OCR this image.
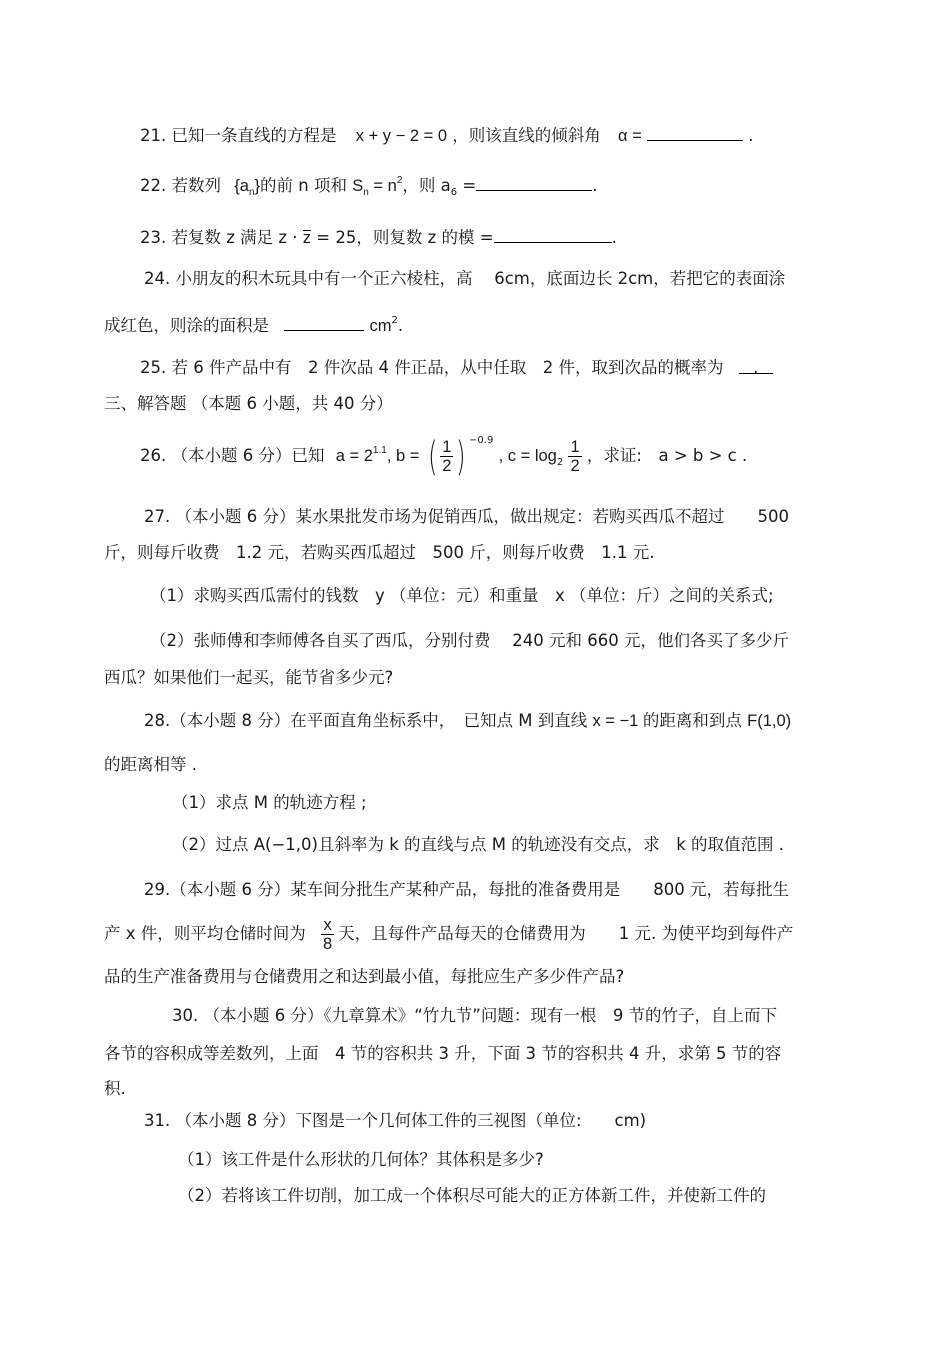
21. 已知一条直线的方程是 x + y − 2 = 0 ，则该直线的倾斜角 α =	.
22. 若数列 $\{a_n\}$的前 n 项和 $S_n = n^2$，则 $a_6$ =	.
23. 若复数 z 满足 z · z = 25，则复数 z 的模 =	.
24. 小朋友的积木玩具中有一个正六棱柱，高　 6cm，底面边长 2cm，若把它的表面涂
成红色，则涂的面积是	$cm^2$.
25. 若 6 件产品中有　2 件次品 4 件正品，从中任取　2 件，取到次品的概率为 .
三、解答题 （本题 6 小题，共 40 分）
26. （本小题 6 分）已知 $a = 2^{1.1}$, b = ( $\frac{1}{2}$ ) $^{-0.9}$ , $c = \log_2 \frac{1}{2}$ ，求证:　a > b > c .
27. （本小题 6 分）某水果批发市场为促销西瓜，做出规定：若购买西瓜不超过　　500
斤，则每斤收费　1.2 元，若购买西瓜超过　500 斤，则每斤收费　1.1 元.
（1）求购买西瓜需付的钱数　y （单位：元）和重量　x （单位：斤）之间的关系式;
（2）张师傅和李师傅各自买了西瓜，分别付费　 240 元和 660 元，他们各买了多少斤
西瓜？如果他们一起买，能节省多少元?
28.（本小题 8 分）在平面直角坐标系中，　已知点 M 到直线 x = −1 的距离和到点 F(1,0)
的距离相等 .
（1）求点 M 的轨迹方程 ;
（2）过点 A(−1,0)且斜率为 k 的直线与点 M 的轨迹没有交点，求　k 的取值范围 .
29.（本小题 6 分）某车间分批生产某种产品，每批的准备费用是　　800 元，若每批生
产 x 件，则平均仓储时间为 $\frac{x}{8}$ 天，且每件产品每天的仓储费用为　　1 元. 为使平均到每件产
品的生产准备费用与仓储费用之和达到最小值，每批应生产多少件产品?
30. （本小题 6 分）《九章算术》“竹九节”问题：现有一根　9 节的竹子，自上而下
各节的容积成等差数列，上面　4 节的容积共 3 升，下面 3 节的容积共 4 升，求第 5 节的容
积.
31. （本小题 8 分）下图是一个几何体工件的三视图（单位:　　cm)
（1）该工件是什么形状的几何体？其体积是多少?
（2）若将该工件切削，加工成一个体积尽可能大的正方体新工件，并使新工件的
